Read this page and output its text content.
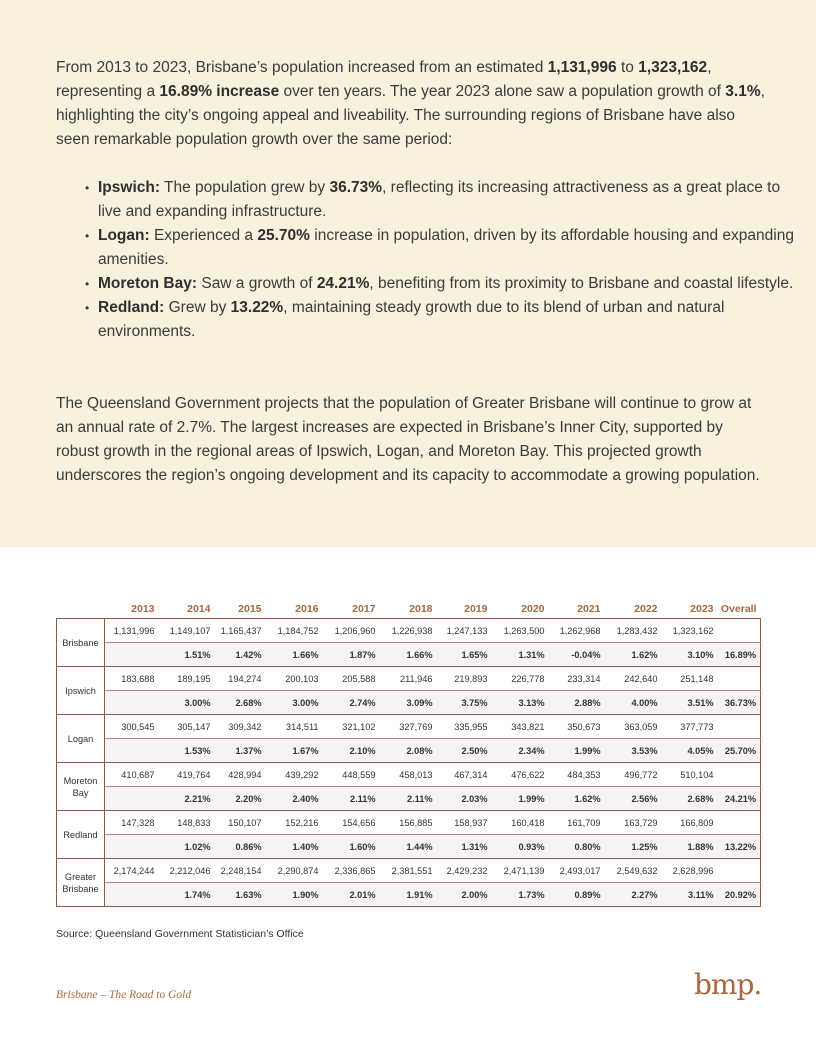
From 2013 to 2023, Brisbane’s population increased from an estimated 1,131,996 to 1,323,162, representing a 16.89% increase over ten years. The year 2023 alone saw a population growth of 3.1%, highlighting the city’s ongoing appeal and liveability. The surrounding regions of Brisbane have also seen remarkable population growth over the same period:

• Ipswich: The population grew by 36.73%, reflecting its increasing attractiveness as a great place to live and expanding infrastructure.
• Logan: Experienced a 25.70% increase in population, driven by its affordable housing and expanding amenities.
• Moreton Bay: Saw a growth of 24.21%, benefiting from its proximity to Brisbane and coastal lifestyle.
• Redland: Grew by 13.22%, maintaining steady growth due to its blend of urban and natural environments.

The Queensland Government projects that the population of Greater Brisbane will continue to grow at an annual rate of 2.7%. The largest increases are expected in Brisbane’s Inner City, supported by robust growth in the regional areas of Ipswich, Logan, and Moreton Bay. This projected growth underscores the region’s ongoing development and its capacity to accommodate a growing population.

	2013	2014	2015	2016	2017	2018	2019	2020	2021	2022	2023	Overall
Brisbane	1,131,996	1,149,107	1,165,437	1,184,752	1,206,960	1,226,938	1,247,133	1,263,500	1,262,968	1,283,432	1,323,162	
		1.51%	1.42%	1.66%	1.87%	1.66%	1.65%	1.31%	-0.04%	1.62%	3.10%	16.89%
Ipswich	183,688	189,195	194,274	200,103	205,588	211,946	219,893	226,778	233,314	242,640	251,148	
		3.00%	2.68%	3.00%	2.74%	3.09%	3.75%	3.13%	2.88%	4.00%	3.51%	36.73%
Logan	300,545	305,147	309,342	314,511	321,102	327,769	335,955	343,821	350,673	363,059	377,773	
		1.53%	1.37%	1.67%	2.10%	2.08%	2.50%	2.34%	1.99%	3.53%	4.05%	25.70%
Moreton Bay	410,687	419,764	428,994	439,292	448,559	458,013	467,314	476,622	484,353	496,772	510,104	
		2.21%	2.20%	2.40%	2.11%	2.11%	2.03%	1.99%	1.62%	2.56%	2.68%	24.21%
Redland	147,328	148,833	150,107	152,216	154,656	156,885	158,937	160,418	161,709	163,729	166,809	
		1.02%	0.86%	1.40%	1.60%	1.44%	1.31%	0.93%	0.80%	1.25%	1.88%	13.22%
Greater Brisbane	2,174,244	2,212,046	2,248,154	2,290,874	2,336,865	2,381,551	2,429,232	2,471,139	2,493,017	2,549,632	2,628,996	
		1.74%	1.63%	1.90%	2.01%	1.91%	2.00%	1.73%	0.89%	2.27%	3.11%	20.92%
Source: Queensland Government Statistician’s Office
Brisbane – The Road to Gold	bmp.
